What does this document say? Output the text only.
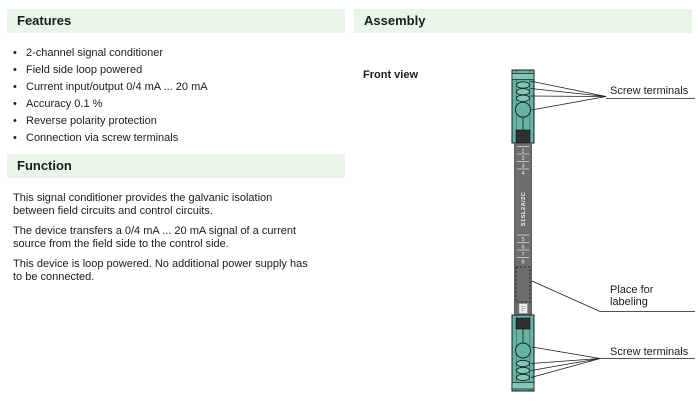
Features
• 2-channel signal conditioner
• Field side loop powered
• Current input/output 0/4 mA ... 20 mA
• Accuracy 0.1 %
• Reverse polarity protection
• Connection via screw terminals
Function
This signal conditioner provides the galvanic isolation
between field circuits and control circuits.
The device transfers a 0/4 mA ... 20 mA signal of a current
source from the field side to the control side.
This device is loop powered. No additional power supply has
to be connected.
Assembly
Front view
1
2
3
4
S1SL2A/2C
5
6
7
8
Screw terminals
Place for
labeling
Screw terminals
